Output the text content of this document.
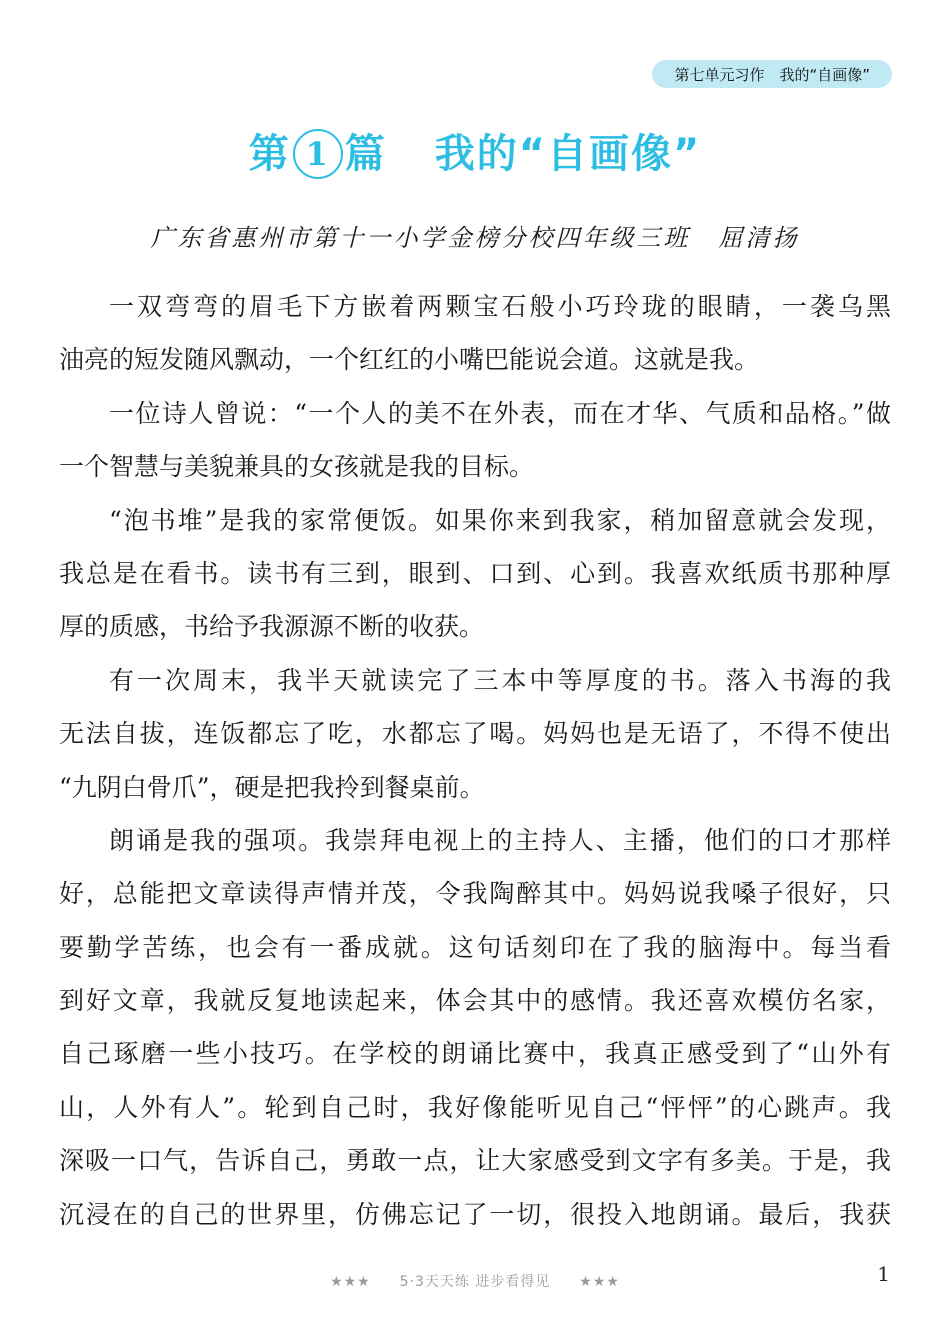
第七单元习作　我的“自画像”
第 1 篇 我的“自画像”
广东省惠州市第十一小学金榜分校四年级三班 屈清扬
一双弯弯的眉毛下方嵌着两颗宝石般小巧玲珑的眼睛，一袭乌黑
油亮的短发随风飘动，一个红红的小嘴巴能说会道。这就是我。
一位诗人曾说：“一个人的美不在外表，而在才华、气质和品格。”做
一个智慧与美貌兼具的女孩就是我的目标。
“泡书堆”是我的家常便饭。如果你来到我家，稍加留意就会发现，
我总是在看书。读书有三到，眼到、口到、心到。我喜欢纸质书那种厚
厚的质感，书给予我源源不断的收获。
有一次周末，我半天就读完了三本中等厚度的书。落入书海的我
无法自拔，连饭都忘了吃，水都忘了喝。妈妈也是无语了，不得不使出
“九阴白骨爪”，硬是把我拎到餐桌前。
朗诵是我的强项。我崇拜电视上的主持人、主播，他们的口才那样
好，总能把文章读得声情并茂，令我陶醉其中。妈妈说我嗓子很好，只
要勤学苦练，也会有一番成就。这句话刻印在了我的脑海中。每当看
到好文章，我就反复地读起来，体会其中的感情。我还喜欢模仿名家，
自己琢磨一些小技巧。在学校的朗诵比赛中，我真正感受到了“山外有
山，人外有人”。轮到自己时，我好像能听见自己“怦怦”的心跳声。我
深吸一口气，告诉自己，勇敢一点，让大家感受到文字有多美。于是，我
沉浸在的自己的世界里，仿佛忘记了一切，很投入地朗诵。最后，我获
★★★ 5·3天天练 进步看得见 ★★★	1
